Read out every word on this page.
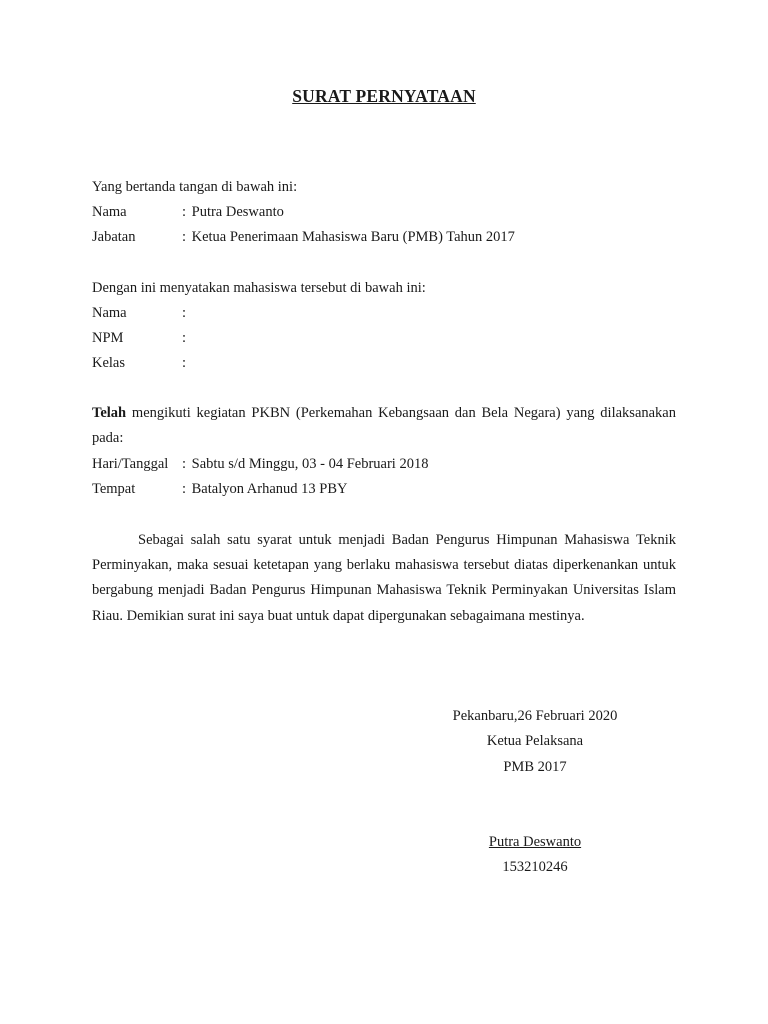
SURAT PERNYATAAN
Yang bertanda tangan di bawah ini:
Nama	: Putra Deswanto
Jabatan	: Ketua Penerimaan Mahasiswa Baru (PMB) Tahun 2017
Dengan ini menyatakan mahasiswa tersebut di bawah ini:
Nama	:
NPM	:
Kelas	:
Telah mengikuti kegiatan PKBN (Perkemahan Kebangsaan dan Bela Negara) yang dilaksanakan pada:
Hari/Tanggal : Sabtu s/d Minggu, 03 - 04 Februari 2018
Tempat	: Batalyon Arhanud 13 PBY
Sebagai salah satu syarat untuk menjadi Badan Pengurus Himpunan Mahasiswa Teknik Perminyakan, maka sesuai ketetapan yang berlaku mahasiswa tersebut diatas diperkenankan untuk bergabung menjadi Badan Pengurus Himpunan Mahasiswa Teknik Perminyakan Universitas Islam Riau. Demikian surat ini saya buat untuk dapat dipergunakan sebagaimana mestinya.
Pekanbaru,26 Februari 2020
Ketua Pelaksana
PMB 2017
Putra Deswanto
153210246
